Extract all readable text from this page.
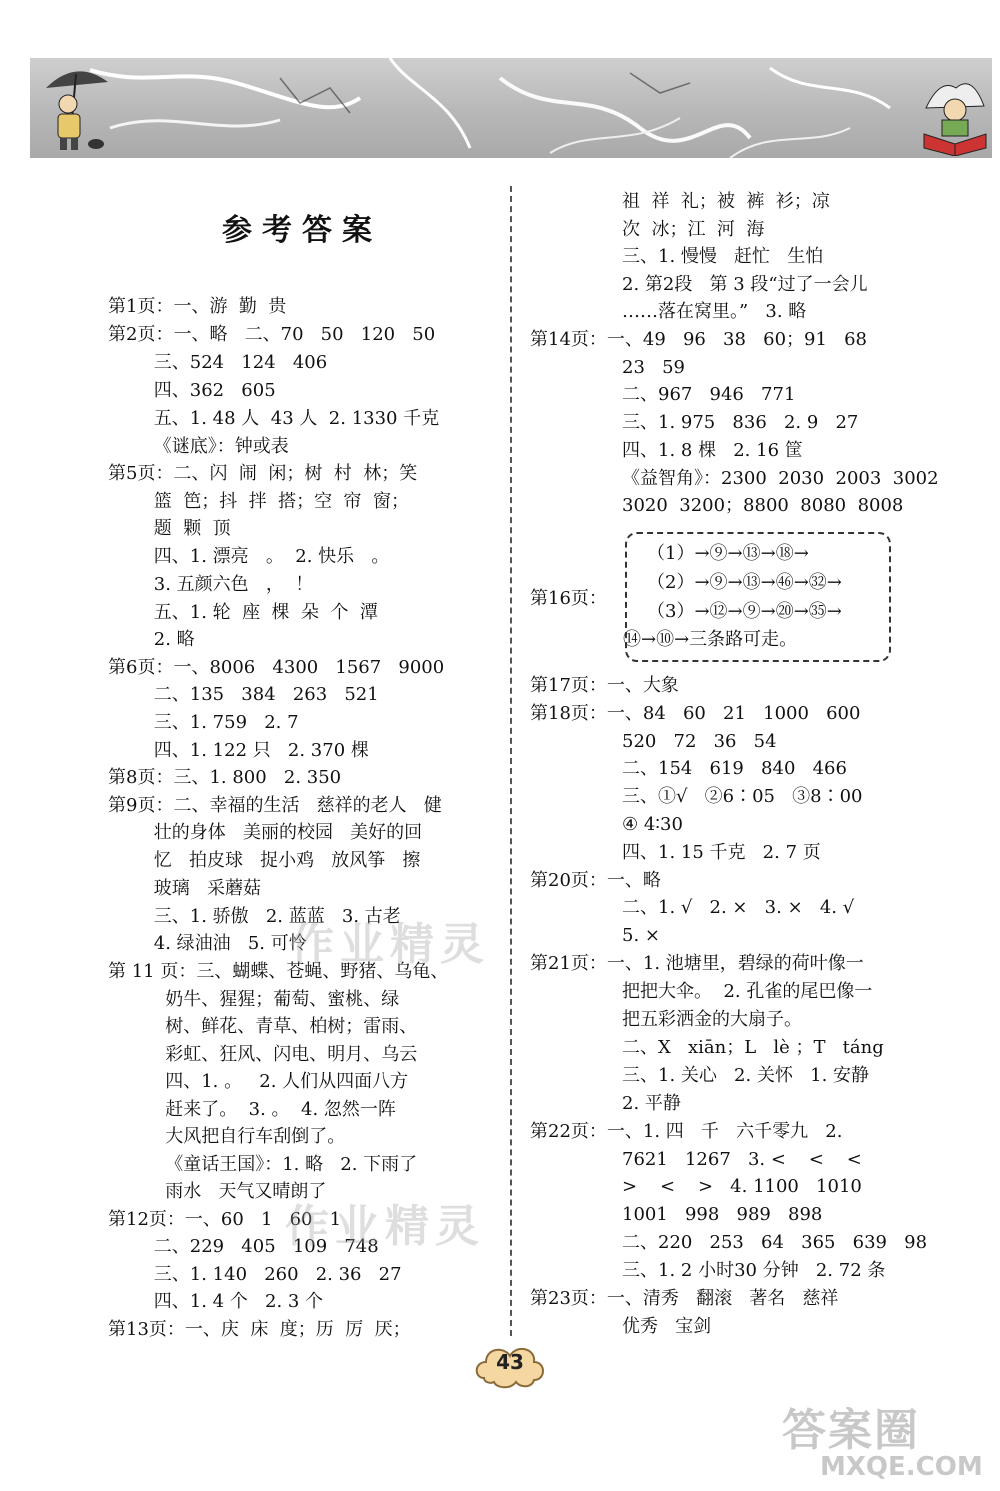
参考答案
第1页：一、游  勤  贵
第2页：一、略   二、70   50   120   50
三、524   124   406
四、362   605
五、1. 48 人  43 人  2. 1330 千克
《谜底》：钟或表
第5页：二、闪  闹  闲；树  村  林；笑
篮  笆；抖  拌  搭；空  帘  窗；
题  颗  顶
四、1. 漂亮   。  2. 快乐   。
3. 五颜六色   ，  ！
五、1. 轮  座  棵  朵  个  潭
2. 略
第6页：一、8006   4300   1567   9000
二、135   384   263   521
三、1. 759   2. 7
四、1. 122 只   2. 370 棵
第8页：三、1. 800   2. 350
第9页：二、幸福的生活   慈祥的老人   健
壮的身体   美丽的校园   美好的回
忆   拍皮球   捉小鸡   放风筝   擦
玻璃   采蘑菇
三、1. 骄傲   2. 蓝蓝   3. 古老
4. 绿油油   5. 可怜
第 11 页：三、蝴蝶、苍蝇、野猪、乌龟、
奶牛、猩猩；葡萄、蜜桃、绿
树、鲜花、青草、柏树；雷雨、
彩虹、狂风、闪电、明月、乌云
四、1. 。   2. 人们从四面八方
赶来了。  3. 。  4. 忽然一阵
大风把自行车刮倒了。
《童话王国》：1. 略   2. 下雨了
雨水   天气又晴朗了
第12页：一、60   1   60   1
二、229   405   109   748
三、1. 140   260   2. 36   27
四、1. 4 个   2. 3 个
第13页：一、庆  床  度；历  厉  厌；
祖  祥  礼；被  裤  衫；凉
次  冰；江  河  海
三、1. 慢慢   赶忙   生怕
2. 第2段   第 3 段“过了一会儿
……落在窝里。”   3. 略
第14页：一、49   96   38   60；91   68
23   59
二、967   946   771
三、1. 975   836   2. 9   27
四、1. 8 棵   2. 16 筐
《益智角》：2300  2030  2003  3002
3020  3200；8800  8080  8008
第16页：
（1）→⑨→⑬→⑱→
（2）→⑨→⑬→㊻→㉜→
（3）→⑫→⑨→⑳→㉟→
⑭→⑩→三条路可走。
第17页：一、大象
第18页：一、84   60   21   1000   600
520   72   36   54
二、154   619   840   466
三、①√   ②6∶05   ③8∶00
④ 4∶30
四、1. 15 千克   2. 7 页
第20页：一、略
二、1. √   2. ×   3. ×   4. √
5. ×
第21页：一、1. 池塘里，碧绿的荷叶像一
把把大伞。  2. 孔雀的尾巴像一
把五彩洒金的大扇子。
二、X   xiān；L   lè ；T   táng
三、1. 关心   2. 关怀   1. 安静
2. 平静
第22页：一、1. 四   千   六千零九   2.
7621   1267   3. <    <    <
>    <    >   4. 1100   1010
1001   998   989   898
二、220   253   64   365   639   98
三、1. 2 小时30 分钟   2. 72 条
第23页：一、清秀   翻滚   著名   慈祥
优秀   宝剑
作业精灵
作业精灵
43
答案圈
MXQE.COM
